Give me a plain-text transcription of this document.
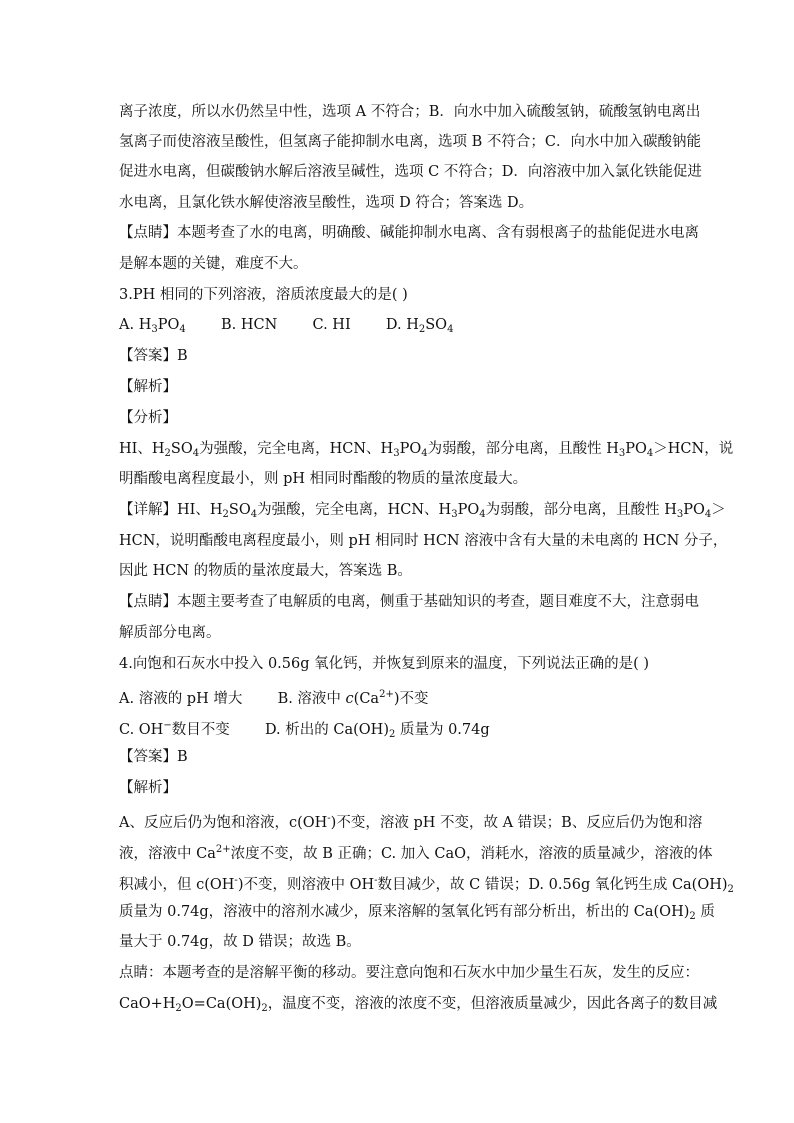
离子浓度，所以水仍然呈中性，选项 A 不符合；B．向水中加入硫酸氢钠，硫酸氢钠电离出
氢离子而使溶液呈酸性，但氢离子能抑制水电离，选项 B 不符合；C．向水中加入碳酸钠能
促进水电离，但碳酸钠水解后溶液呈碱性，选项 C 不符合；D．向溶液中加入氯化铁能促进
水电离，且氯化铁水解使溶液呈酸性，选项 D 符合；答案选 D。
【点睛】本题考查了水的电离，明确酸、碱能抑制水电离、含有弱根离子的盐能促进水电离
是解本题的关键，难度不大。
3.PH 相同的下列溶液，溶质浓度最大的是( )
A. $H_3PO_4$ B. HCN C. HI D. $H_2SO_4$
【答案】B
【解析】
【分析】
HI、$H_2SO_4$为强酸，完全电离，HCN、$H_3PO_4$为弱酸，部分电离，且酸性 $H_3PO_4>HCN$，说
明酯酸电离程度最小，则 pH 相同时酯酸的物质的量浓度最大。
【详解】HI、$H_2SO_4$为强酸，完全电离，HCN、$H_3PO_4$为弱酸，部分电离，且酸性 $H_3PO_4>$
HCN，说明酯酸电离程度最小，则 pH 相同时 HCN 溶液中含有大量的未电离的 HCN 分子，
因此 HCN 的物质的量浓度最大，答案选 B。
【点睛】本题主要考查了电解质的电离，侧重于基础知识的考查，题目难度不大，注意弱电
解质部分电离。
4.向饱和石灰水中投入 0.56g 氧化钙，并恢复到原来的温度，下列说法正确的是( )
A. 溶液的 pH 增大 B. 溶液中 $c(Ca^{2+})$不变
C. OH−数目不变 D. 析出的 $Ca(OH)_2$ 质量为 0.74g
【答案】B
【解析】
A、反应后仍为饱和溶液，c(OH-)不变，溶液 pH 不变，故 A 错误；B、反应后仍为饱和溶
液，溶液中 $Ca^{2+}$浓度不变，故 B 正确；C. 加入 CaO，消耗水，溶液的质量减少，溶液的体
积减小，但 c(OH-)不变，则溶液中 OH-数目减少，故 C 错误；D. 0.56g 氧化钙生成 $Ca(OH)_2$
质量为 0.74g，溶液中的溶剂水减少，原来溶解的氢氧化钙有部分析出，析出的 $Ca(OH)_2$ 质
量大于 0.74g，故 D 错误；故选 B。
点睛：本题考查的是溶解平衡的移动。要注意向饱和石灰水中加少量生石灰，发生的反应：
$CaO+H_2O=Ca(OH)_2$，温度不变，溶液的浓度不变，但溶液质量减少，因此各离子的数目减
